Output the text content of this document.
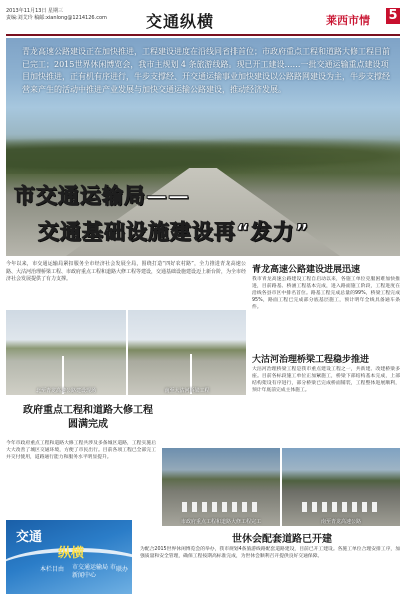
2013年11月13日 星期三
责编:刘艾玲 稿邮:xianlong@1214126.com	交通纵横	莱西市情 5
青龙高速公路建设正在加快推进，工程建设进度在沿线同省排首位；市政府重点工程和道路大修工程目前已完工；2015世界休闲博览会，我市主规划 4 条旅游线路。现已开工建设……一批交通运输重点建设项目加快推进，正有机有序进行，牛步支撑经、开交通运输事业加快建设以公路路网建设为主，牛步支撑经营来产生的活动中推进产业发展与加快交通运输公路建设，推动经济发展。
市交通运输局——
交通基础设施建设再“发力”
今年以来，市交通运输局紧扣服务全市经济社会发展全局，围绕打造“四好农村路”，全力推进青龙高速公路、大沽河治理桥梁工程、市政府重点工程和道路大修工程等建设，交通基础设施建设迈上新台阶，为全市经济社会发展提供了有力支撑。
北至青龙高速公路建设现场	南至大沽河桥梁工程
青龙高速公路建设进展迅速
我市青龙高速公路建设工程自启动以来，各施工单位克服困难加快推进，目前路基、桥涵工程基本完成，进入路面施工阶段，工程进度在沿线各县市区中排名首位。路基工程完成总量的99%，桥梁工程完成95%，路面工程已完成部分底基层施工，预计明年全线具备通车条件。
大沽河治理桥梁工程稳步推进
大沽河治理桥梁工程是我市重点建设工程之一，共新建、改建桥梁多座。目前各标段施工单位正加紧施工，桥梁下部结构基本完成，上部结构架设有序进行，部分桥梁已完成桥面铺装，工程整体进展顺利，预计年底前完成主体施工。
政府重点工程和道路大修工程圆满完成
今年市政府重点工程和道路大修工程共涉及多条城区道路，工程实施后大大改善了城区交通环境，方便了市民出行。目前各项工程已全部完工并交付使用，道路通行能力和服务水平明显提升。
市政府重点工程和道路大修工程完工	南至青龙高速公路
交通
纵横
本栏目由 市交通运输局 市新闻中心
联办
世休会配套道路已开建
为配合2015世界休闲博览会的举办，我市规划4条旅游线路配套道路建设，目前已开工建设。各施工单位合理安排工序，加强质量和安全管理，确保工程按期高标准完成，为世休会顺利召开提供良好交通保障。
